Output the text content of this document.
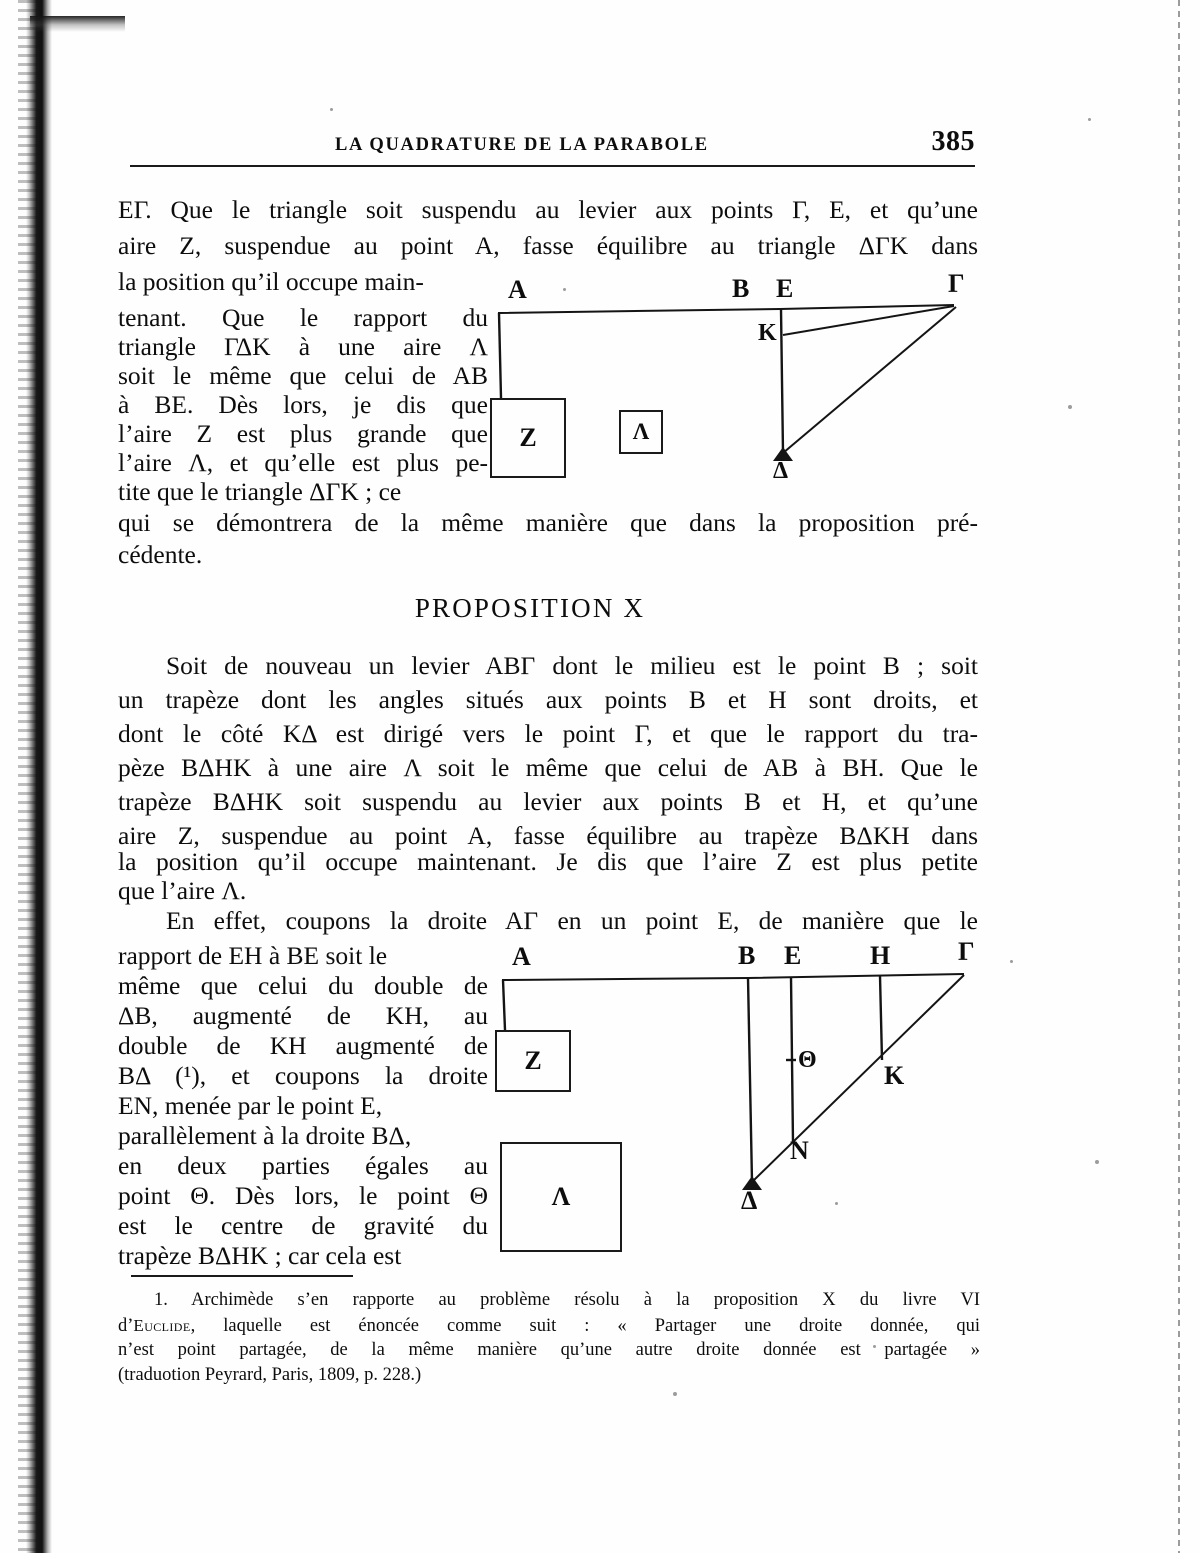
LA QUADRATURE DE LA PARABOLE	385
EΓ. Que le triangle soit suspendu au levier aux points Γ, E, et qu’une
aire Z, suspendue au point A, fasse équilibre au triangle ΔΓK dans
la position qu’il occupe main-
tenant. Que le rapport du
triangle ΓΔK à une aire Λ
soit le même que celui de AB
à BE. Dès lors, je dis que
l’aire Z est plus grande que
l’aire Λ, et qu’elle est plus pe-
tite que le triangle ΔΓK ; ce
qui se démontrera de la même manière que dans la proposition pré-
cédente.
PROPOSITION X
Soit de nouveau un levier ABΓ dont le milieu est le point B ; soit
un trapèze dont les angles situés aux points B et H sont droits, et
dont le côté KΔ est dirigé vers le point Γ, et que le rapport du tra-
pèze BΔHK à une aire Λ soit le même que celui de AB à BH. Que le
trapèze BΔHK soit suspendu au levier aux points B et H, et qu’une
aire Z, suspendue au point A, fasse équilibre au trapèze BΔKH dans
la position qu’il occupe maintenant. Je dis que l’aire Z est plus petite
que l’aire Λ.
En effet, coupons la droite AΓ en un point E, de manière que le
rapport de EH à BE soit le
même que celui du double de
ΔB, augmenté de KH, au
double de KH augmenté de
BΔ (¹), et coupons la droite
EN, menée par le point E,
parallèlement à la droite BΔ,
en deux parties égales au
point Θ. Dès lors, le point Θ
est le centre de gravité du
trapèze BΔHK ; car cela est
A	B E	Γ
K
Δ
Z	Λ
A	B E	H	Γ
Θ
K
N
Δ
Z
Λ
1. Archimède s’en rapporte au problème résolu à la proposition X du livre VI
d’Euclide, laquelle est énoncée comme suit : « Partager une droite donnée, qui
n’est point partagée, de la même manière qu’une autre droite donnée est partagée »
(traduotion Peyrard, Paris, 1809, p. 228.)
